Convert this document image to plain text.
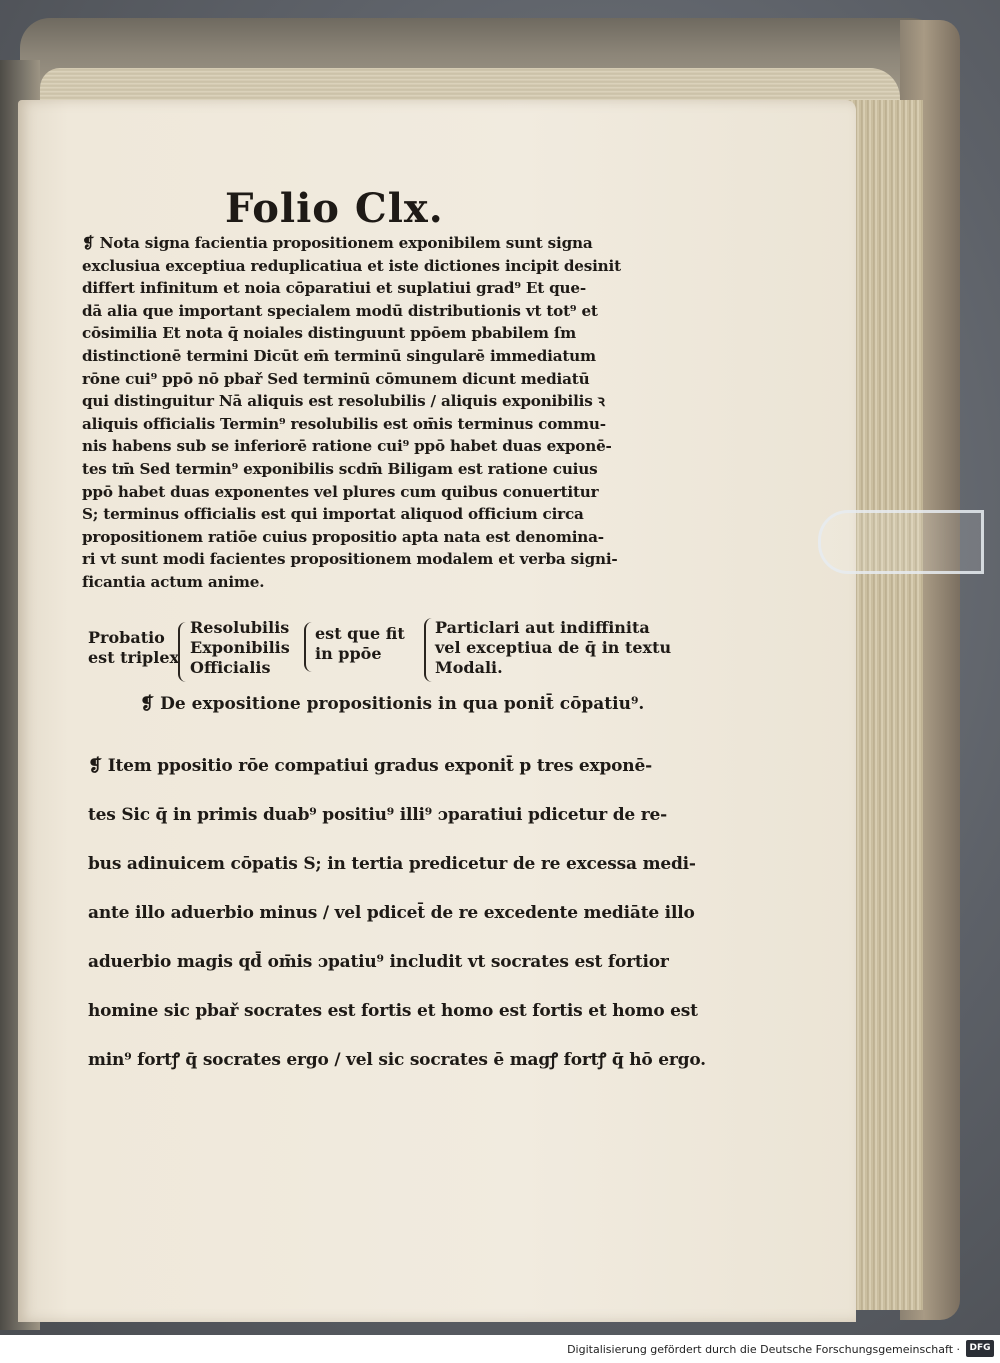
Folio Clx.
❡ Nota signa facientia propositionem exponibilem sunt signa
exclusiua exceptiua reduplicatiua et iste dictiones incipit desinit
differt infinitum et noia cōparatiui et suplatiui grad⁹ Et que-
dā alia que important specialem modū distributionis vt tot⁹ et
cōsimilia Et nota q̄ noiales distinguunt ppōem pbabilem ſm
distinctionē termini Dicūt em̄ terminū singularē immediatum
rōne cui⁹ ppō nō pbař Sed terminū cōmunem dicunt mediatū
qui distinguitur Nā aliquis est resolubilis / aliquis exponibilis ꝛ
aliquis officialis Termin⁹ resolubilis est om̄is terminus commu-
nis habens sub se inferiorē ratione cui⁹ ppō habet duas exponē-
tes tm̄ Sed termin⁹ exponibilis scdm̄ Biligam est ratione cuius
ppō habet duas exponentes vel plures cum quibus conuertitur
S; terminus officialis est qui importat aliquod officium circa
propositionem ratiōe cuius propositio apta nata est denomina-
ri vt sunt modi facientes propositionem modalem et verba signi-
ficantia actum anime.
Probatio
est triplex
Resolubilis
Exponibilis
Officialis
est que fit
in ppōe
Particlari aut indiffinita
vel exceptiua de q̄ in textu
Modali.
❡ De expositione propositionis in qua ponit̄ cōpatiu⁹.
❡ Item ppositio rōe compatiui gradus exponit̄ p tres exponē-
tes Sic q̄ in primis duab⁹ positiu⁹ illi⁹ ɔparatiui pdicetur de re-
bus adinuicem cōpatis S; in tertia predicetur de re excessa medi-
ante illo aduerbio minus / vel pdicet̄ de re excedente mediāte illo
aduerbio magis qd̄ om̄is ɔpatiu⁹ includit vt socrates est fortior
homine sic pbař socrates est fortis et homo est fortis et homo est
min⁹ fortꝭ q̄ socrates ergo / vel sic socrates ē magꝭ fortꝭ q̄ hō ergo.
Digitalisierung gefördert durch die Deutsche Forschungsgemeinschaft ·	DFG
